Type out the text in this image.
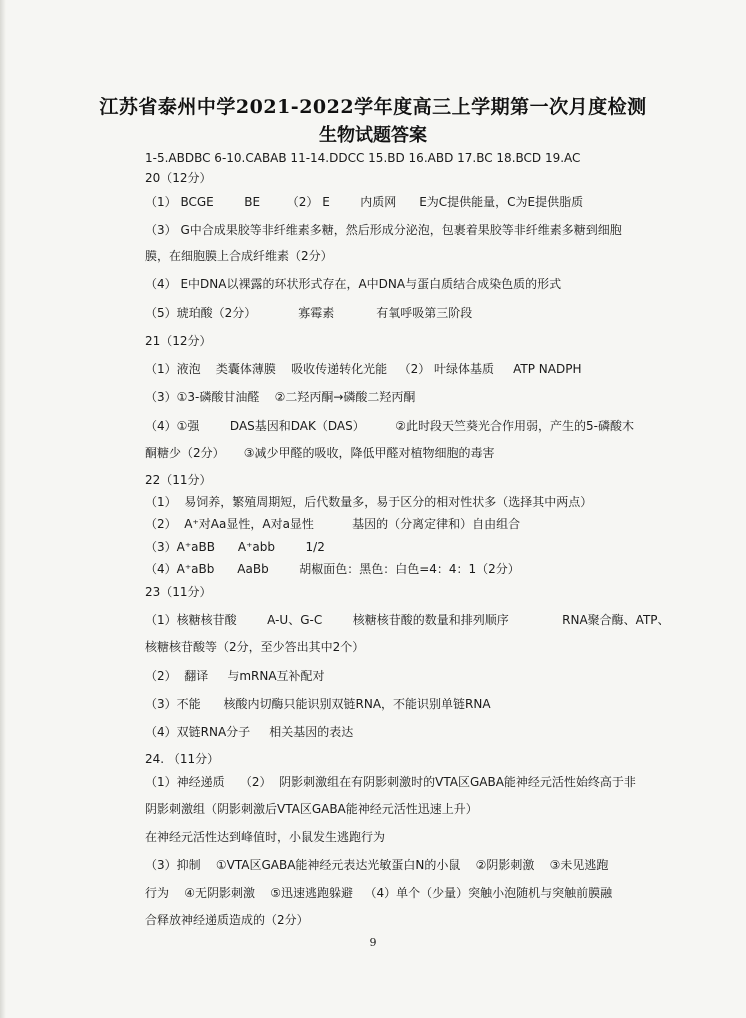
江苏省泰州中学2021-2022学年度高三上学期第一次月度检测
生物试题答案
1-5.ABDBC 6-10.CABAB 11-14.DDCC 15.BD 16.ABD 17.BC 18.BCD 19.AC
20（12分）
（1） BCGE        BE       （2） E        内质网      E为C提供能量，C为E提供脂质
（3） G中合成果胶等非纤维素多糖，然后形成分泌泡，包裹着果胶等非纤维素多糖到细胞
膜，在细胞膜上合成纤维素（2分）
（4） E中DNA以裸露的环状形式存在，A中DNA与蛋白质结合成染色质的形式
（5）琥珀酸（2分）           寡霉素           有氧呼吸第三阶段
21（12分）
（1）液泡    类囊体薄膜    吸收传递转化光能   （2） 叶绿体基质     ATP NADPH
（3）①3-磷酸甘油醛    ②二羟丙酮→磷酸二羟丙酮
（4）①强        DAS基因和DAK（DAS）        ②此时段天竺葵光合作用弱，产生的5-磷酸木
酮糖少（2分）     ③减少甲醛的吸收，降低甲醛对植物细胞的毒害
22（11分）
（1）  易饲养，繁殖周期短，后代数量多，易于区分的相对性状多（选择其中两点）
（2）  A⁺对Aa显性，A对a显性          基因的（分离定律和）自由组合
（3）A⁺aBB      A⁺abb        1/2
（4）A⁺aBb      AaBb        胡椒面色：黑色：白色=4：4：1（2分）
23（11分）
（1）核糖核苷酸        A-U、G-C        核糖核苷酸的数量和排列顺序              RNA聚合酶、ATP、
核糖核苷酸等（2分，至少答出其中2个）
（2）  翻译     与mRNA互补配对
（3）不能      核酸内切酶只能识别双链RNA，不能识别单链RNA
（4）双链RNA分子     相关基因的表达
24. （11分）
（1）神经递质    （2）  阴影刺激组在有阴影刺激时的VTA区GABA能神经元活性始终高于非
阴影刺激组（阴影刺激后VTA区GABA能神经元活性迅速上升）
在神经元活性达到峰值时，小鼠发生逃跑行为
（3）抑制    ①VTA区GABA能神经元表达光敏蛋白N的小鼠    ②阴影刺激    ③未见逃跑
行为    ④无阴影刺激    ⑤迅速逃跑躲避   （4）单个（少量）突触小泡随机与突触前膜融
合释放神经递质造成的（2分）
9
